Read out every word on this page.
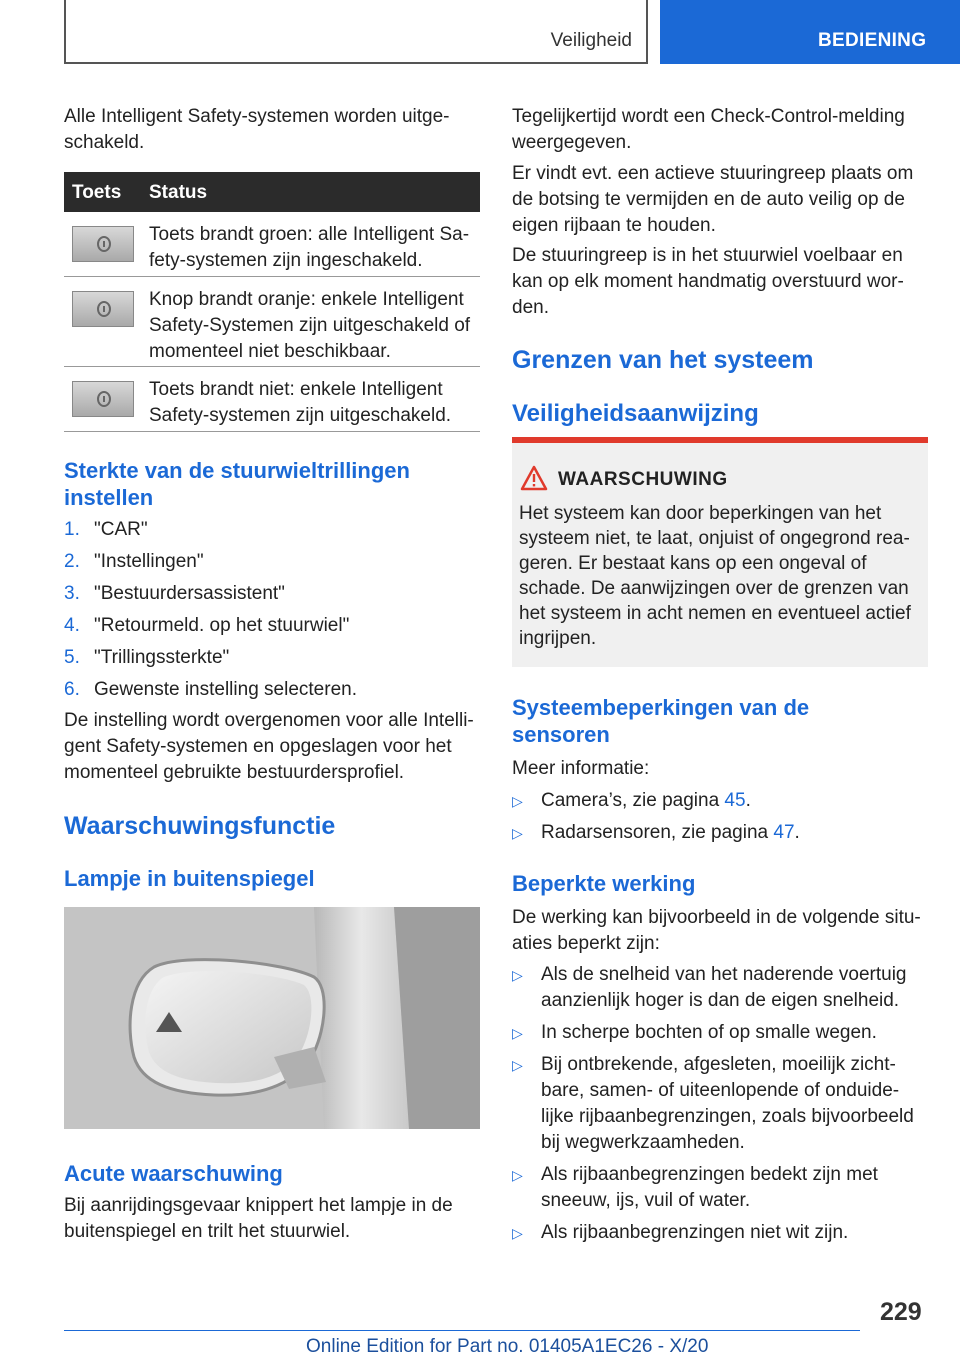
Veiligheid	BEDIENING

Alle Intelligent Safety-systemen worden uitge-

schakeld.

Toets Status
Toets brandt groen: alle Intelligent Sa-
fety-systemen zijn ingeschakeld.
Knop brandt oranje: enkele Intelligent
Safety-Systemen zijn uitgeschakeld of
momenteel niet beschikbaar.
Toets brandt niet: enkele Intelligent
Safety-systemen zijn uitgeschakeld.
Sterkte van de stuurwieltrillingen
instellen
1. "CAR"
2. "Instellingen"
3. "Bestuurdersassistent"
4. "Retourmeld. op het stuurwiel"
5. "Trillingssterkte"
6. Gewenste instelling selecteren.

De instelling wordt overgenomen voor alle Intelli-

gent Safety-systemen en opgeslagen voor het

momenteel gebruikte bestuurdersprofiel.

Waarschuwingsfunctie
Lampje in buitenspiegel
Acute waarschuwing

Bij aanrijdingsgevaar knippert het lampje in de

buitenspiegel en trilt het stuurwiel.

Tegelijkertijd wordt een Check-Control-melding

weergegeven.

Er vindt evt. een actieve stuuringreep plaats om

de botsing te vermijden en de auto veilig op de

eigen rijbaan te houden.

De stuuringreep is in het stuurwiel voelbaar en

kan op elk moment handmatig overstuurd wor-

den.

Grenzen van het systeem
Veiligheidsaanwijzing
WAARSCHUWING
Het systeem kan door beperkingen van het
systeem niet, te laat, onjuist of ongegrond rea-
geren. Er bestaat kans op een ongeval of
schade. De aanwijzingen over de grenzen van
het systeem in acht nemen en eventueel actief
ingrijpen.
Systeembeperkingen van de
sensoren

Meer informatie:

▷ Camera’s, zie pagina 45.
▷ Radarsensoren, zie pagina 47.
Beperkte werking

De werking kan bijvoorbeeld in de volgende situ-

aties beperkt zijn:

▷ Als de snelheid van het naderende voertuig
aanzienlijk hoger is dan de eigen snelheid.
▷ In scherpe bochten of op smalle wegen.
▷ Bij ontbrekende, afgesleten, moeilijk zicht-
bare, samen- of uiteenlopende of onduide-
lijke rijbaanbegrenzingen, zoals bijvoorbeeld
bij wegwerkzaamheden.
▷ Als rijbaanbegrenzingen bedekt zijn met
sneeuw, ijs, vuil of water.
▷ Als rijbaanbegrenzingen niet wit zijn.
229
Online Edition for Part no. 01405A1EC26 - X/20
